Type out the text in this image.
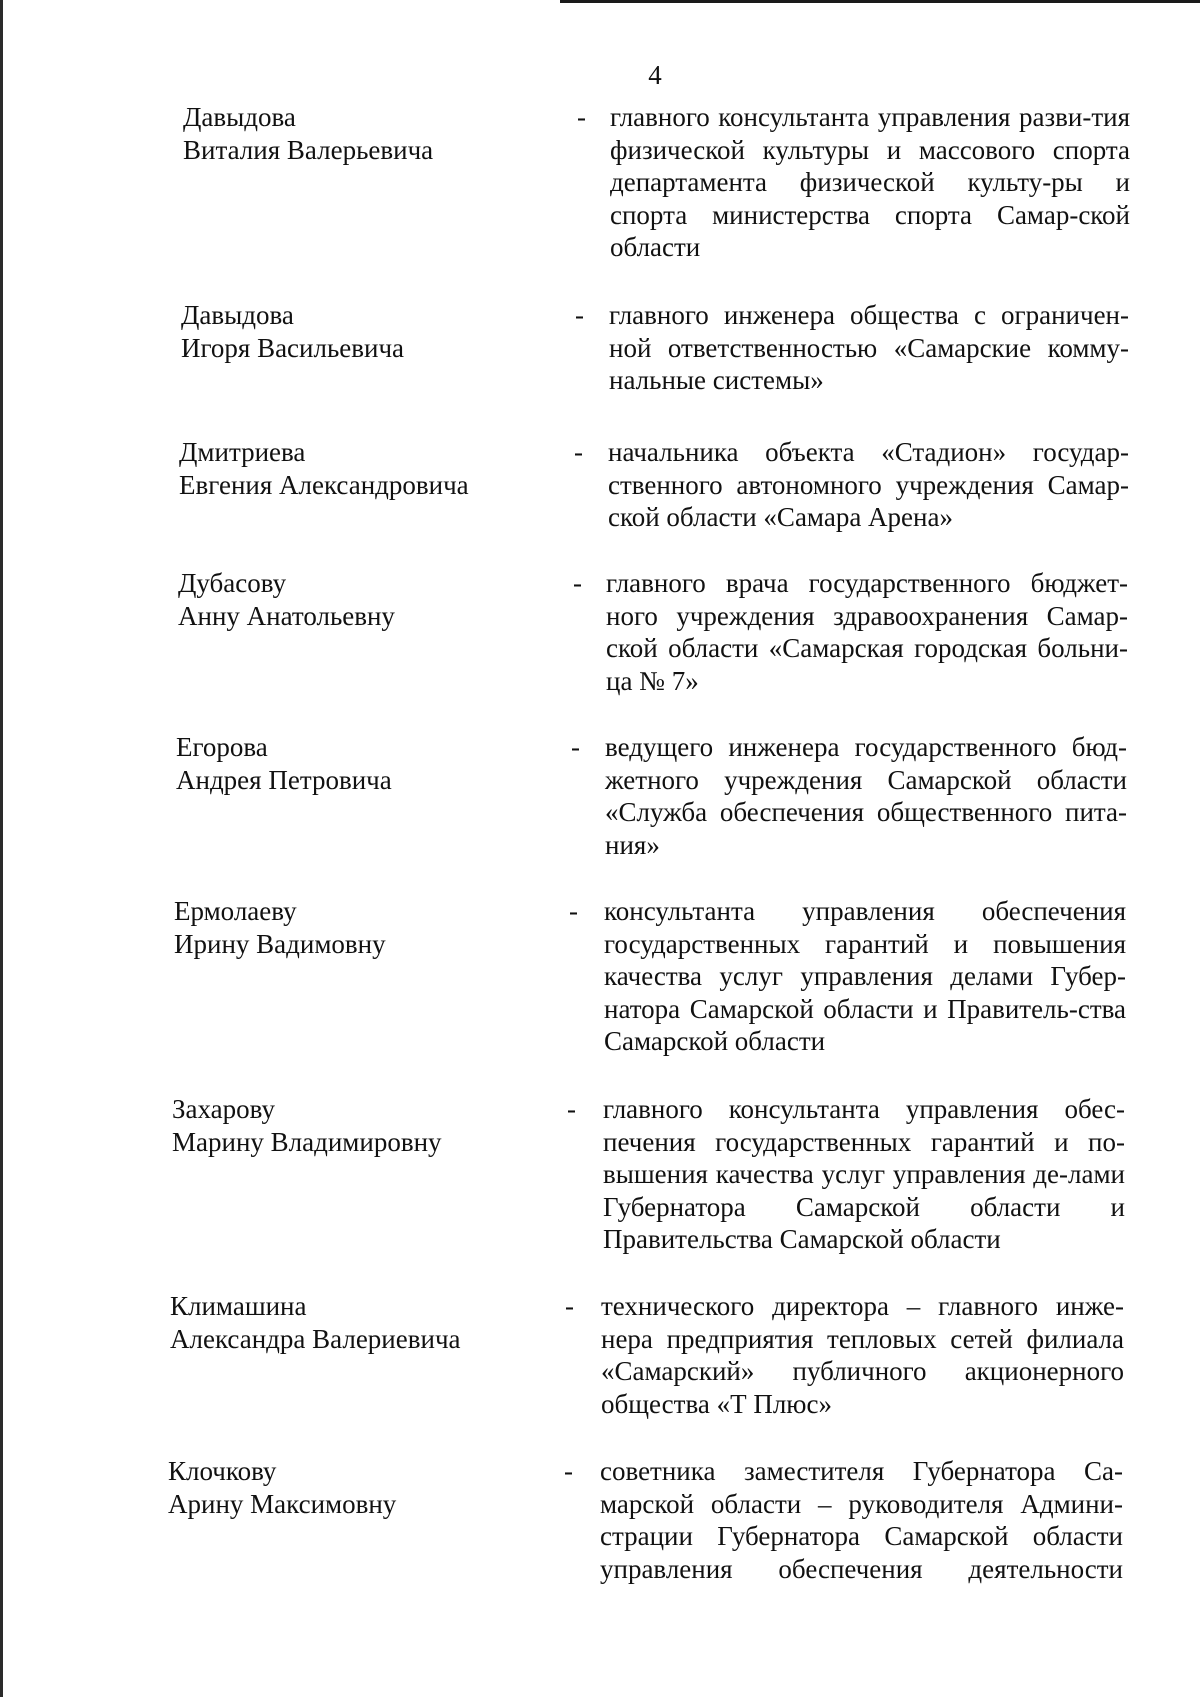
4
Давыдова
Виталия Валерьевича
- главного консультанта управления разви-тия физической культуры и массового спорта департамента физической культу-ры и спорта министерства спорта Самар-ской области
Давыдова
Игоря Васильевича
- главного инженера общества с ограничен-ной ответственностью «Самарские комму-нальные системы»
Дмитриева
Евгения Александровича
- начальника объекта «Стадион» государ-ственного автономного учреждения Самар-ской области «Самара Арена»
Дубасову
Анну Анатольевну
- главного врача государственного бюджет-ного учреждения здравоохранения Самар-ской области «Самарская городская больни-ца № 7»
Егорова
Андрея Петровича
- ведущего инженера государственного бюд-жетного учреждения Самарской области «Служба обеспечения общественного пита-ния»
Ермолаеву
Ирину Вадимовну
- консультанта управления обеспечения государственных гарантий и повышения качества услуг управления делами Губер-натора Самарской области и Правитель-ства Самарской области
Захарову
Марину Владимировну
- главного консультанта управления обес-печения государственных гарантий и по-вышения качества услуг управления де-лами Губернатора Самарской области и Правительства Самарской области
Климашина
Александра Валериевича
- технического директора – главного инже-нера предприятия тепловых сетей филиала «Самарский» публичного акционерного общества «Т Плюс»
Клочкову
Арину Максимовну
- советника заместителя Губернатора Са-марской области – руководителя Админи-страции Губернатора Самарской области управления обеспечения деятельности
